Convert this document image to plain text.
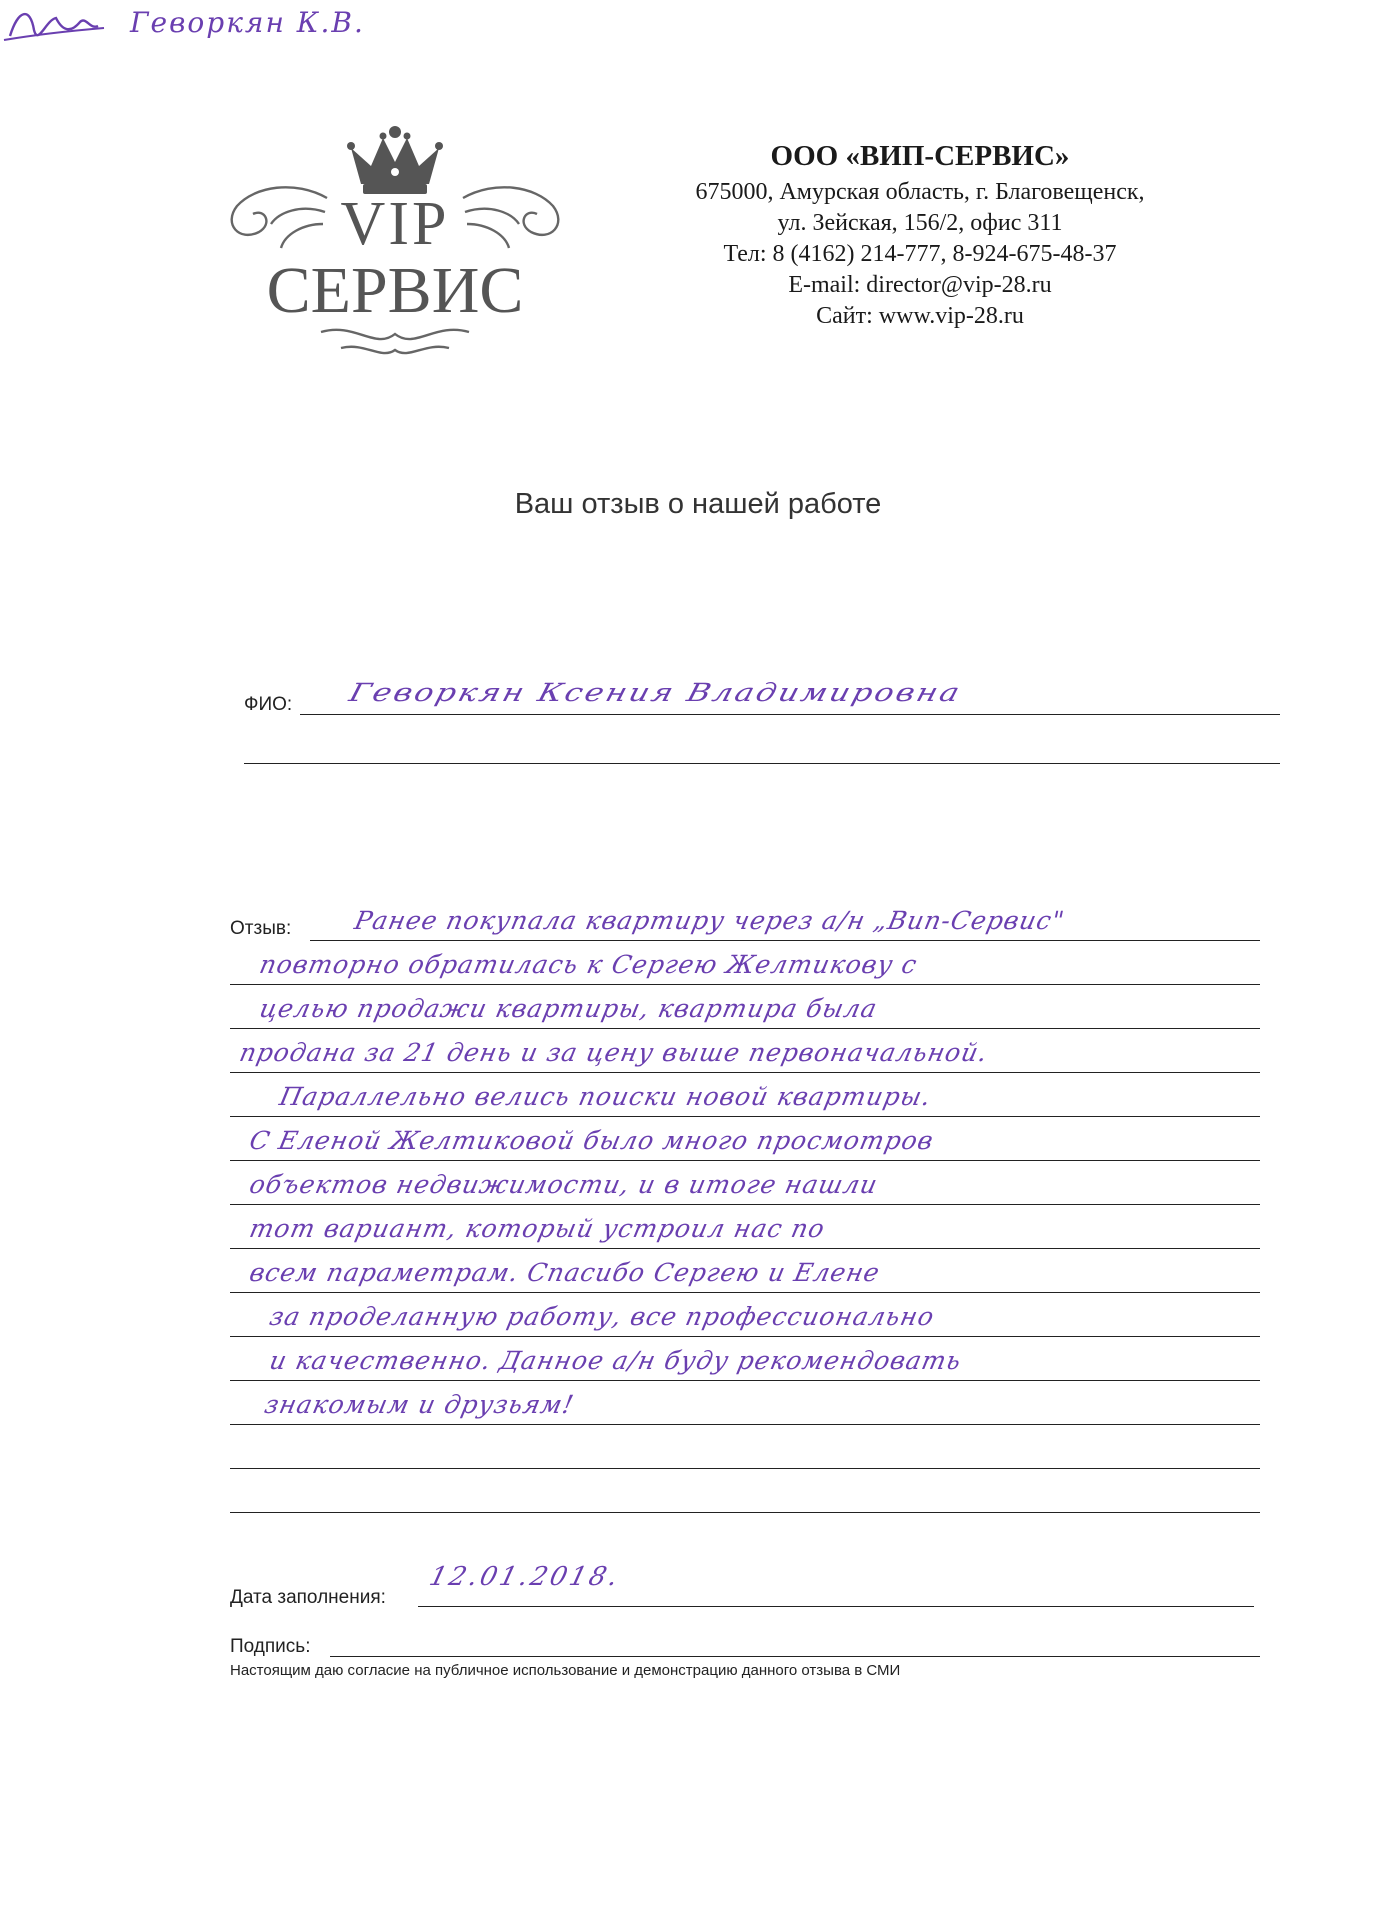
VIP
СЕРВИС
ООО «ВИП-СЕРВИС»
675000, Амурская область, г. Благовещенск,
ул. Зейская, 156/2, офис 311
Тел: 8 (4162) 214-777, 8-924-675-48-37
E-mail: director@vip-28.ru
Сайт: www.vip-28.ru
Ваш отзыв о нашей работе
ФИО: Геворкян Ксения Владимировна
Отзыв: Ранее покупала квартиру через а/н „Вип-Сервис"
повторно обратилась к Сергею Желтикову с
целью продажи квартиры, квартира была
продана за 21 день и за цену выше первоначальной.
Параллельно велись поиски новой квартиры.
С Еленой Желтиковой было много просмотров
объектов недвижимости, и в итоге нашли
тот вариант, который устроил нас по
всем параметрам. Спасибо Сергею и Елене
за проделанную работу, все профессионально
и качественно. Данное а/н буду рекомендовать
знакомым и друзьям!
Дата заполнения:
12.01.2018.
Подпись:
Геворкян К.В.
Настоящим даю согласие на публичное использование и демонстрацию данного отзыва в СМИ
